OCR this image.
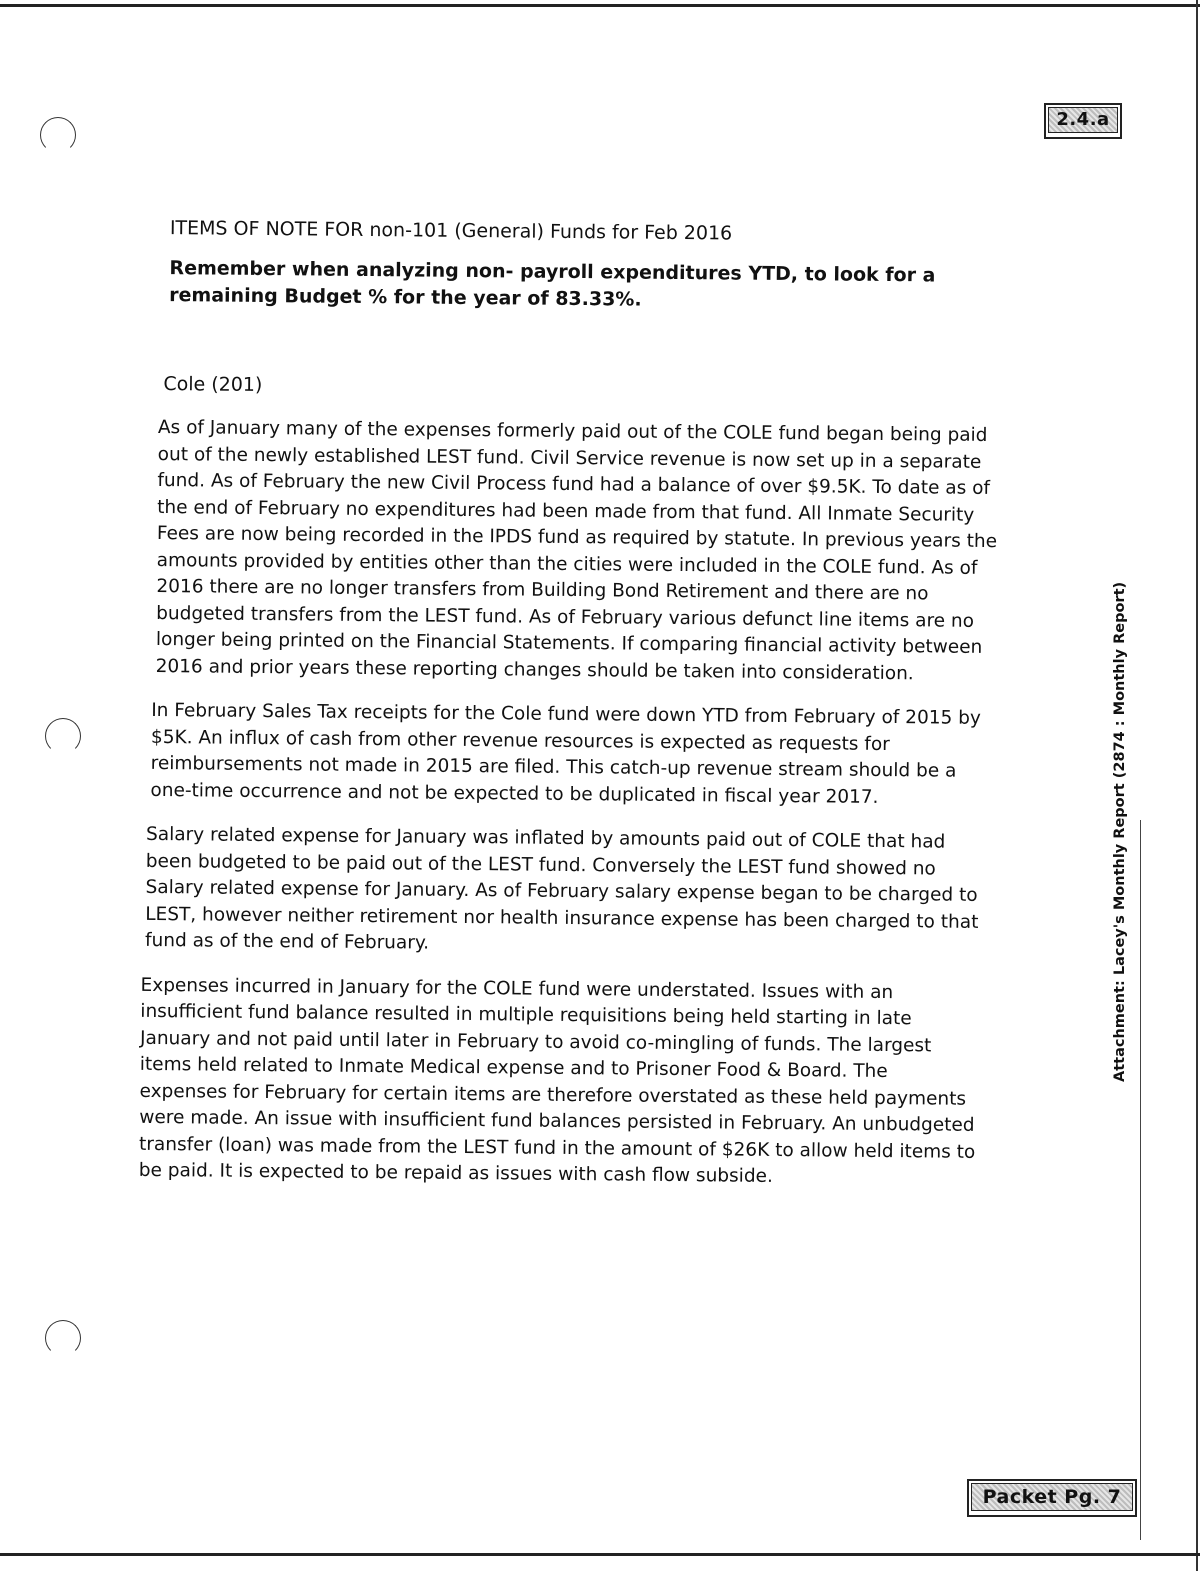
2.4.a
Attachment: Lacey's Monthly Report (2874 : Monthly Report)
ITEMS OF NOTE FOR non-101 (General) Funds for Feb 2016
Remember when analyzing non- payroll expenditures YTD, to look for a remaining Budget % for the year of 83.33%.
Cole (201)

As of January many of the expenses formerly paid out of the COLE fund began being paid out of the newly established LEST fund. Civil Service revenue is now set up in a separate fund. As of February the new Civil Process fund had a balance of over $9.5K. To date as of the end of February no expenditures had been made from that fund. All Inmate Security Fees are now being recorded in the IPDS fund as required by statute. In previous years the amounts provided by entities other than the cities were included in the COLE fund. As of 2016 there are no longer transfers from Building Bond Retirement and there are no budgeted transfers from the LEST fund. As of February various defunct line items are no longer being printed on the Financial Statements. If comparing financial activity between 2016 and prior years these reporting changes should be taken into consideration.

In February Sales Tax receipts for the Cole fund were down YTD from February of 2015 by $5K. An influx of cash from other revenue resources is expected as requests for reimbursements not made in 2015 are filed. This catch-up revenue stream should be a one-time occurrence and not be expected to be duplicated in fiscal year 2017.

Salary related expense for January was inflated by amounts paid out of COLE that had been budgeted to be paid out of the LEST fund. Conversely the LEST fund showed no Salary related expense for January. As of February salary expense began to be charged to LEST, however neither retirement nor health insurance expense has been charged to that fund as of the end of February.

Expenses incurred in January for the COLE fund were understated. Issues with an insufficient fund balance resulted in multiple requisitions being held starting in late January and not paid until later in February to avoid co-mingling of funds. The largest items held related to Inmate Medical expense and to Prisoner Food & Board. The expenses for February for certain items are therefore overstated as these held payments were made. An issue with insufficient fund balances persisted in February. An unbudgeted transfer (loan) was made from the LEST fund in the amount of $26K to allow held items to be paid. It is expected to be repaid as issues with cash flow subside.

Packet Pg. 7
